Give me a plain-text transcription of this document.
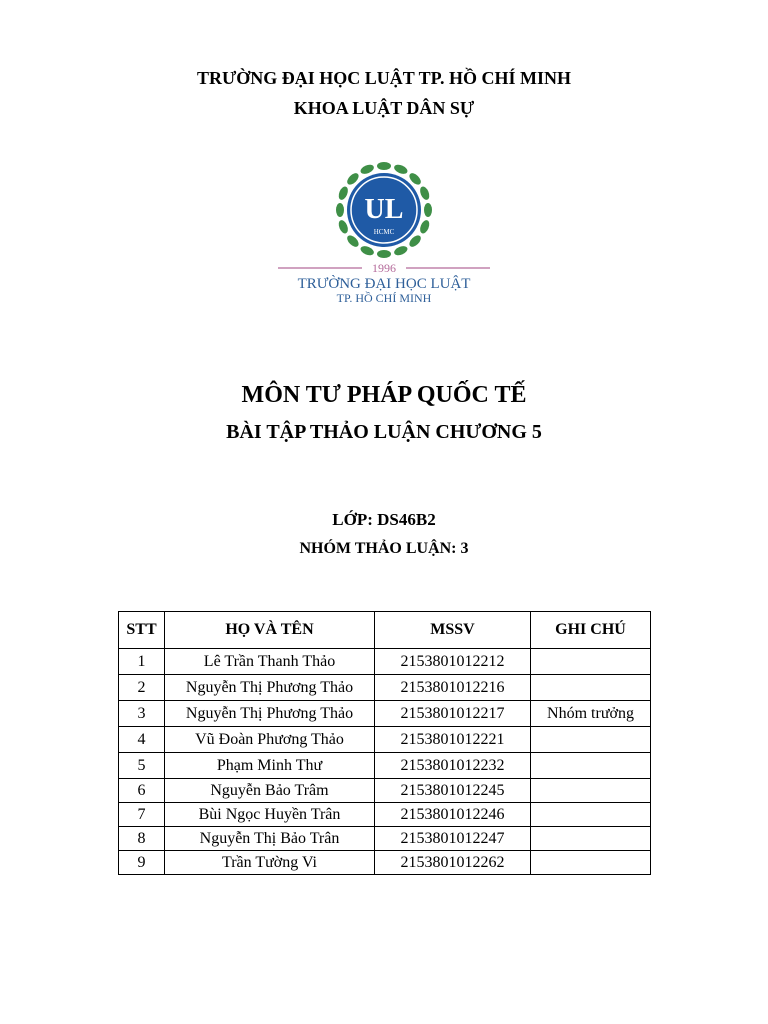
TRƯỜNG ĐẠI HỌC LUẬT TP. HỒ CHÍ MINH
KHOA LUẬT DÂN SỰ
UL
HCMC
1996
TRƯỜNG ĐẠI HỌC LUẬT
TP. HỒ CHÍ MINH
MÔN TƯ PHÁP QUỐC TẾ
BÀI TẬP THẢO LUẬN CHƯƠNG 5
LỚP: DS46B2
NHÓM THẢO LUẬN: 3
STT	HỌ VÀ TÊN	MSSV	GHI CHÚ
1	Lê Trần Thanh Thảo	2153801012212	
2	Nguyễn Thị Phương Thảo	2153801012216	
3	Nguyễn Thị Phương Thảo	2153801012217	Nhóm trưởng
4	Vũ Đoàn Phương Thảo	2153801012221	
5	Phạm Minh Thư	2153801012232	
6	Nguyễn Bảo Trâm	2153801012245	
7	Bùi Ngọc Huyền Trân	2153801012246	
8	Nguyễn Thị Bảo Trân	2153801012247	
9	Trần Tường Vi	2153801012262	
